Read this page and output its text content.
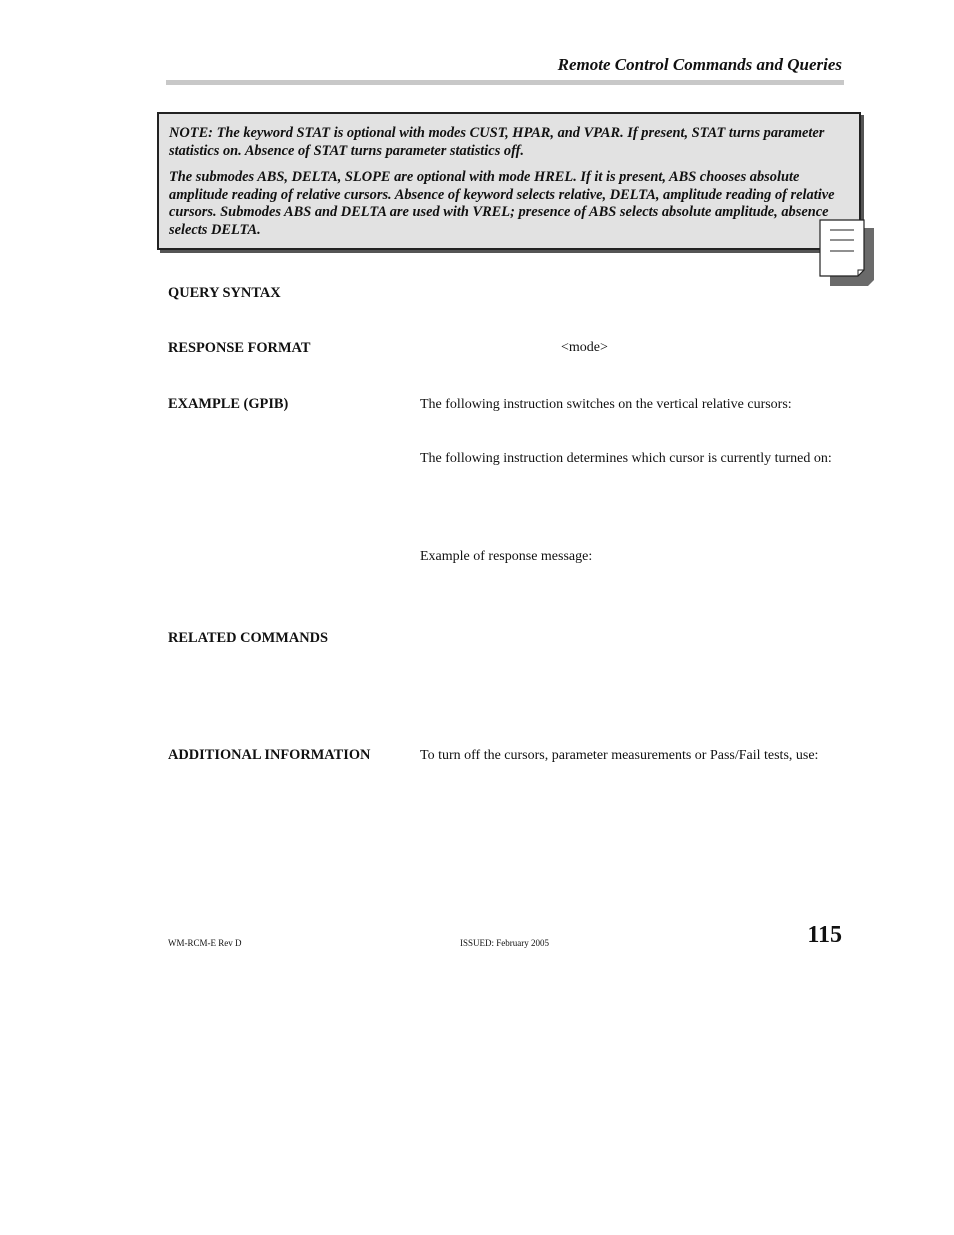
Remote Control Commands and Queries

NOTE: The keyword STAT is optional with modes CUST, HPAR, and VPAR. If present, STAT turns parameter statistics on. Absence of STAT turns parameter statistics off.

The submodes ABS, DELTA, SLOPE are optional with mode HREL. If it is present, ABS chooses absolute amplitude reading of relative cursors. Absence of keyword selects relative, DELTA, amplitude reading of relative cursors. Submodes ABS and DELTA are used with VREL; presence of ABS selects absolute amplitude, absence selects DELTA.

QUERY SYNTAX
RESPONSE FORMAT	<mode>
EXAMPLE (GPIB)	The following instruction switches on the vertical relative cursors:
The following instruction determines which cursor is currently turned on:
Example of response message:
RELATED COMMANDS
ADDITIONAL INFORMATION	To turn off the cursors, parameter measurements or Pass/Fail tests, use:
WM-RCM-E Rev D	ISSUED: February 2005	115
